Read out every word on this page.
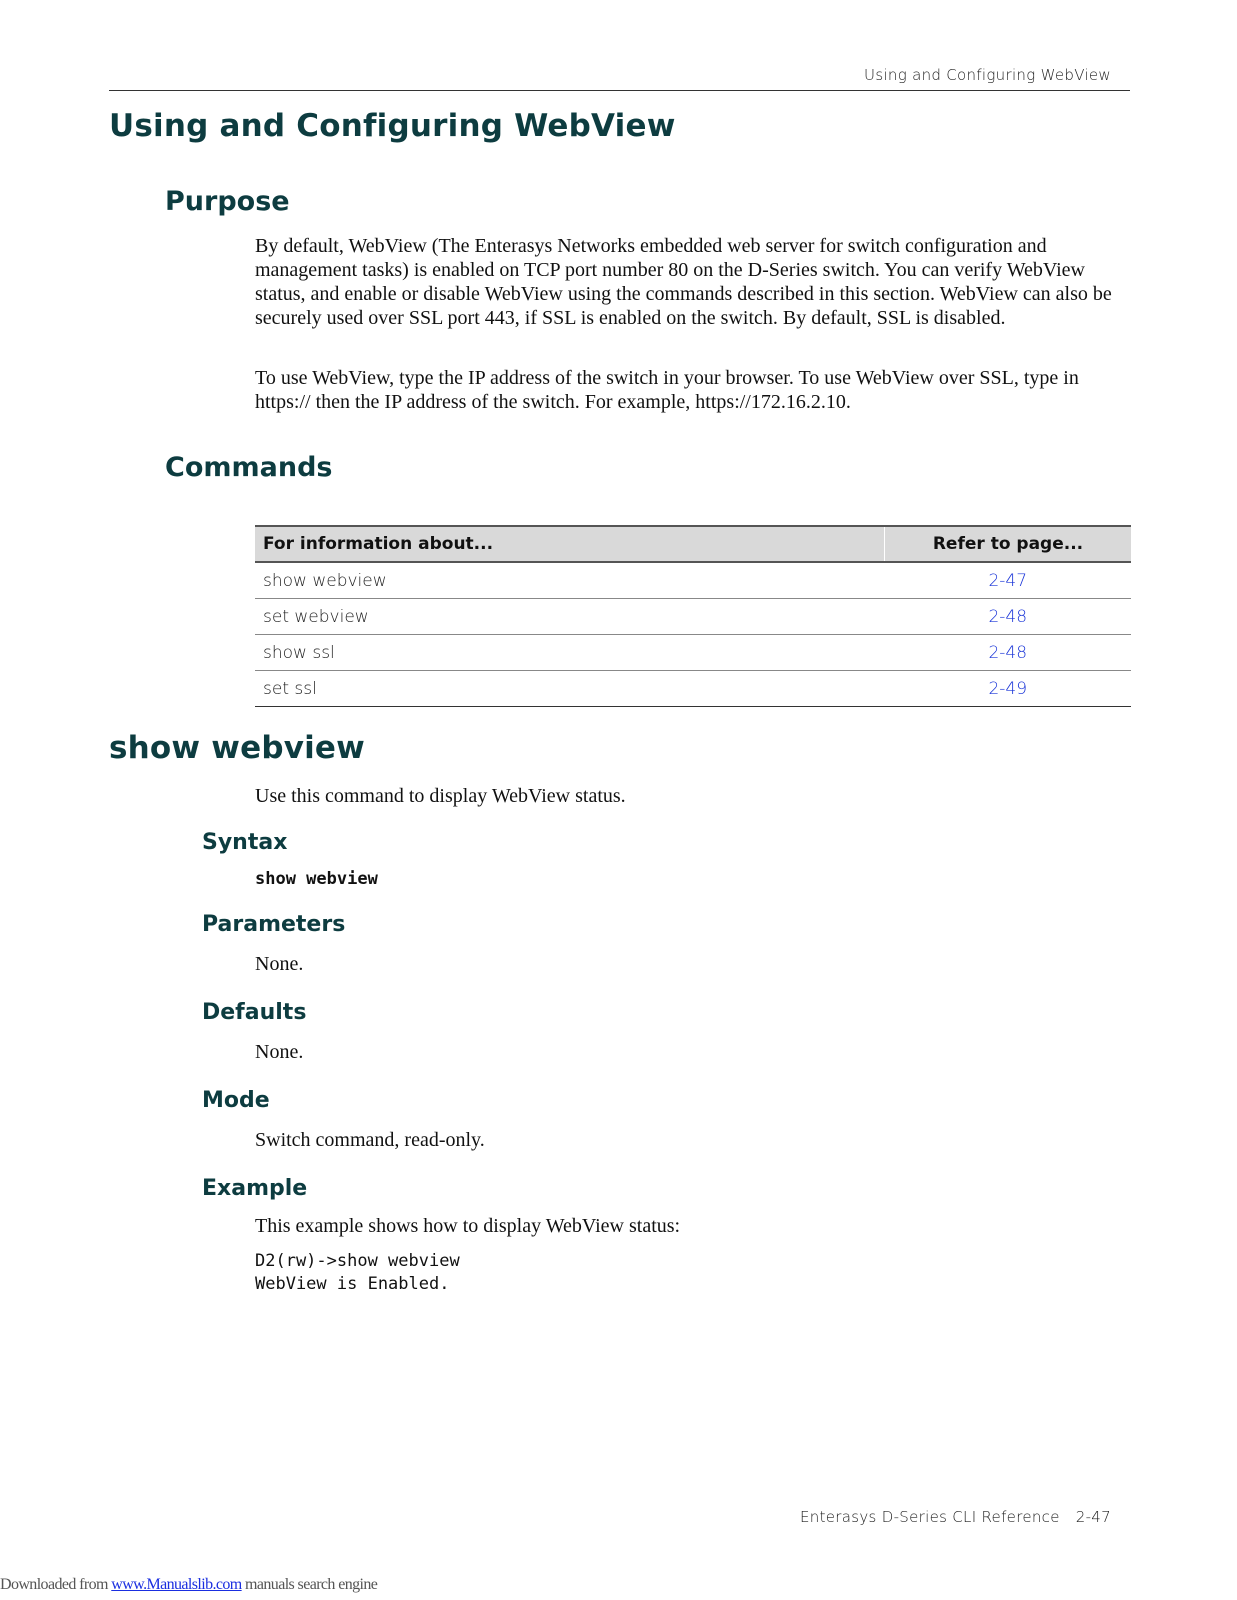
Using and Configuring WebView
Using and Configuring WebView
Purpose

By default, WebView (The Enterasys Networks embedded web server for switch configuration and management tasks) is enabled on TCP port number 80 on the D-Series switch. You can verify WebView status, and enable or disable WebView using the commands described in this section. WebView can also be securely used over SSL port 443, if SSL is enabled on the switch. By default, SSL is disabled.

To use WebView, type the IP address of the switch in your browser. To use WebView over SSL, type in https:// then the IP address of the switch. For example, https://172.16.2.10.

Commands
For information about...	Refer to page...
show webview	2-47
set webview	2-48
show ssl	2-48
set ssl	2-49
show webview

Use this command to display WebView status.

Syntax
show webview
Parameters

None.

Defaults

None.

Mode

Switch command, read-only.

Example

This example shows how to display WebView status:

D2(rw)->show webview
WebView is Enabled.
Enterasys D-Series CLI Reference 2-47
Downloaded from www.Manualslib.com manuals search engine
